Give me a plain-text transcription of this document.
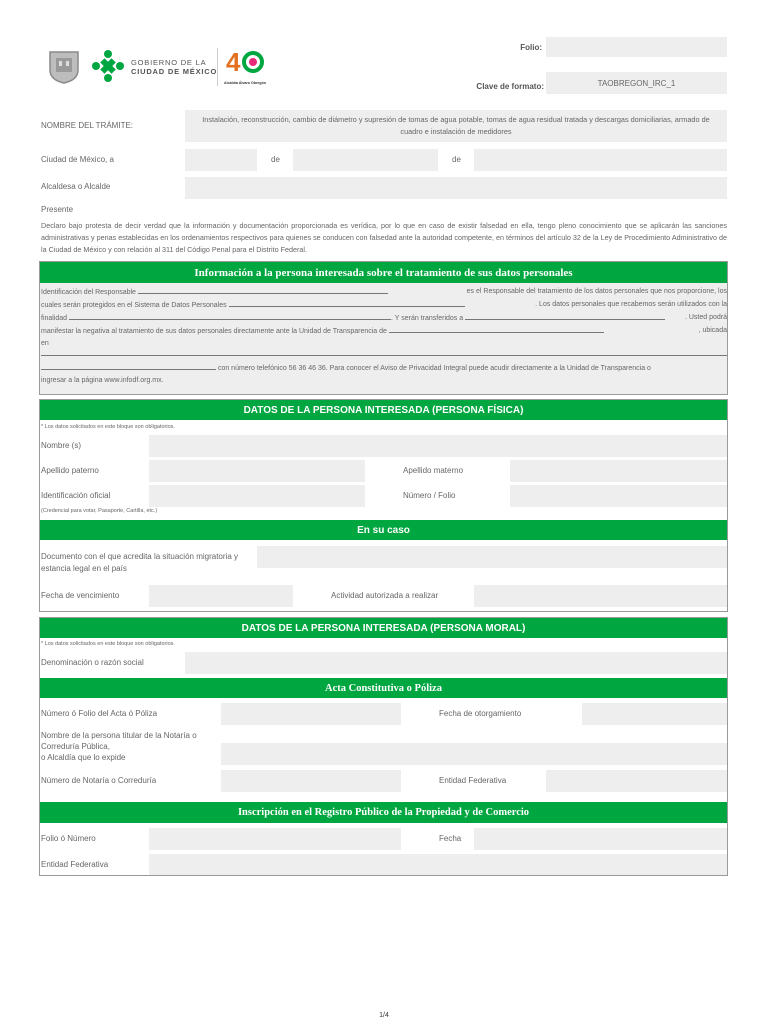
GOBIERNO DE LA
CIUDAD DE MÉXICO 4
Alcaldía Álvaro Obregón
Folio:
Clave de formato:	TAOBREGON_IRC_1
NOMBRE DEL TRÁMITE:
Instalación, reconstrucción, cambio de diámetro y supresión de tomas de agua potable, tomas de agua residual tratada y descargas domiciliarias, armado de cuadro e instalación de medidores
Ciudad de México, a	de	de
Alcaldesa o Alcalde
Presente
Declaro bajo protesta de decir verdad que la información y documentación proporcionada es verídica, por lo que en caso de existir falsedad en ella, tengo pleno conocimiento que se aplicarán las sanciones administrativas y penas establecidas en los ordenamientos respectivos para quienes se conducen con falsedad ante la autoridad competente, en términos del artículo 32 de la Ley de Procedimiento Administrativo de la Ciudad de México y con relación al 311 del Código Penal para el Distrito Federal.
Información a la persona interesada sobre el tratamiento de sus datos personales
Identificación del Responsable	es el Responsable del tratamiento de los datos personales que nos proporcione, los
cuales serán protegidos en el Sistema de Datos Personales	. Los datos personales que recabemos serán utilizados con la
finalidad	. Y serán transferidos a	. Usted podrá
manifestar la negativa al tratamiento de sus datos personales directamente ante la Unidad de Transparencia de	, ubicada
en
con número telefónico 56 36 46 36. Para conocer el Aviso de Privacidad Integral puede acudir directamente a la Unidad de Transparencia o
ingresar a la página www.infodf.org.mx.
DATOS DE LA PERSONA INTERESADA (PERSONA FÍSICA)
* Los datos solicitados en este bloque son obligatorios.
Nombre (s)
Apellido paterno	Apellido materno
Identificación oficial	Número / Folio
(Credencial para votar, Pasaporte, Cartilla, etc.)
En su caso
Documento con el que acredita la situación migratoria y
estancia legal en el país
Fecha de vencimiento	Actividad autorizada a realizar
DATOS DE LA PERSONA INTERESADA (PERSONA MORAL)
* Los datos solicitados en este bloque son obligatorios.
Denominación o razón social
Acta Constitutiva o Póliza
Número ó Folio del Acta ó Póliza	Fecha de otorgamiento
Nombre de la persona titular de la Notaría o
Correduría Pública,
o Alcaldía que lo expide
Número de Notaría o Correduría	Entidad Federativa
Inscripción en el Registro Público de la Propiedad y de Comercio
Folio ó Número	Fecha
Entidad Federativa
1/4
